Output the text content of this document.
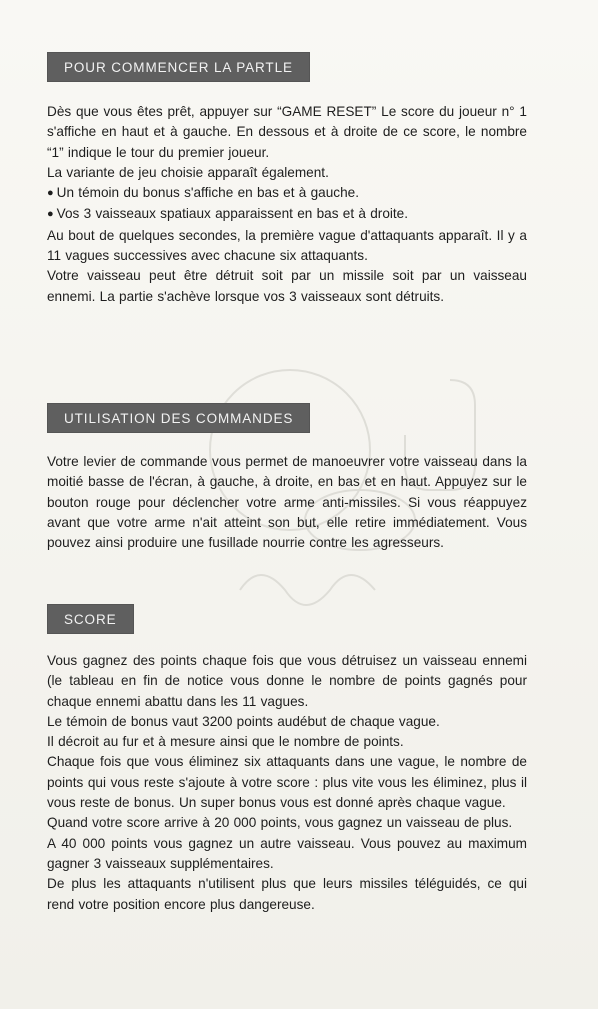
POUR COMMENCER LA PARTLE

Dès que vous êtes prêt, appuyer sur “GAME RESET” Le score du joueur n° 1 s'affiche en haut et à gauche. En dessous et à droite de ce score, le nombre “1” indique le tour du premier joueur.

La variante de jeu choisie apparaît également.

● Un témoin du bonus s'affiche en bas et à gauche.
● Vos 3 vaisseaux spatiaux apparaissent en bas et à droite.

Au bout de quelques secondes, la première vague d'attaquants apparaît. Il y a 11 vagues successives avec chacune six attaquants.

Votre vaisseau peut être détruit soit par un missile soit par un vaisseau ennemi. La partie s'achève lorsque vos 3 vaisseaux sont détruits.

UTILISATION DES COMMANDES

Votre levier de commande vous permet de manoeuvrer votre vaisseau dans la moitié basse de l'écran, à gauche, à droite, en bas et en haut. Appuyez sur le bouton rouge pour déclencher votre arme anti-missiles. Si vous réappuyez avant que votre arme n'ait atteint son but, elle retire immédiatement. Vous pouvez ainsi produire une fusillade nourrie contre les agresseurs.

SCORE

Vous gagnez des points chaque fois que vous détruisez un vaisseau ennemi (le tableau en fin de notice vous donne le nombre de points gagnés pour chaque ennemi abattu dans les 11 vagues.

Le témoin de bonus vaut 3200 points audébut de chaque vague.

Il décroit au fur et à mesure ainsi que le nombre de points.

Chaque fois que vous éliminez six attaquants dans une vague, le nombre de points qui vous reste s'ajoute à votre score : plus vite vous les éliminez, plus il vous reste de bonus. Un super bonus vous est donné après chaque vague.

Quand votre score arrive à 20 000 points, vous gagnez un vaisseau de plus.

A 40 000 points vous gagnez un autre vaisseau. Vous pouvez au maximum gagner 3 vaisseaux supplémentaires.

De plus les attaquants n'utilisent plus que leurs missiles téléguidés, ce qui rend votre position encore plus dangereuse.
